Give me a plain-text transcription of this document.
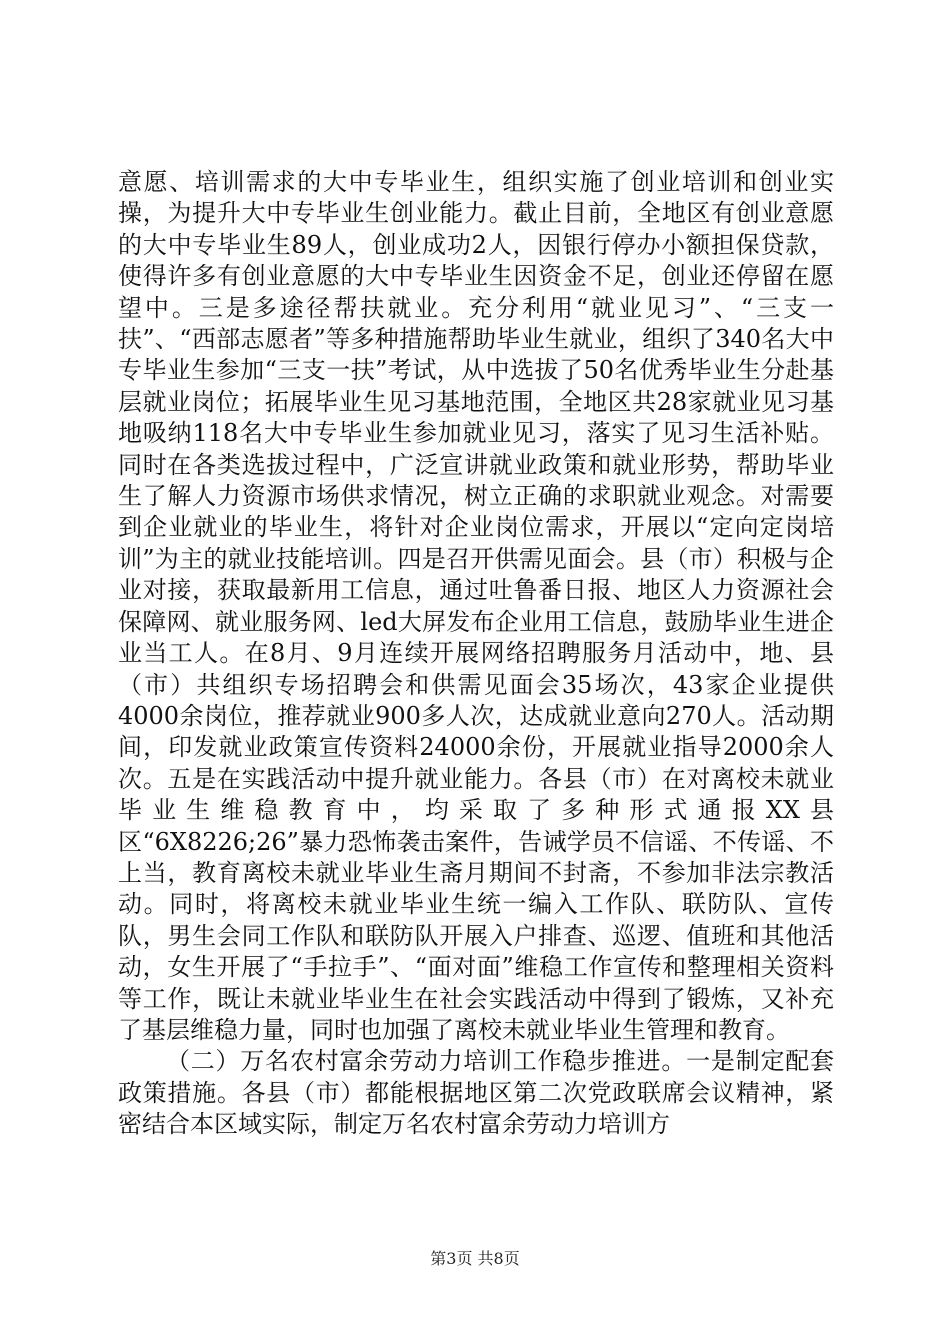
意愿、培训需求的大中专毕业生，组织实施了创业培训和创业实操，为提升大中专毕业生创业能力。截止目前，全地区有创业意愿的大中专毕业生89人，创业成功2人，因银行停办小额担保贷款，使得许多有创业意愿的大中专毕业生因资金不足，创业还停留在愿望中。三是多途径帮扶就业。充分利用“就业见习”、“三支一扶”、“西部志愿者”等多种措施帮助毕业生就业，组织了340名大中专毕业生参加“三支一扶”考试，从中选拔了50名优秀毕业生分赴基层就业岗位；拓展毕业生见习基地范围，全地区共28家就业见习基地吸纳118名大中专毕业生参加就业见习，落实了见习生活补贴。同时在各类选拔过程中，广泛宣讲就业政策和就业形势，帮助毕业生了解人力资源市场供求情况，树立正确的求职就业观念。对需要到企业就业的毕业生，将针对企业岗位需求，开展以“定向定岗培训”为主的就业技能培训。四是召开供需见面会。县（市）积极与企业对接，获取最新用工信息，通过吐鲁番日报、地区人力资源社会保障网、就业服务网、led大屏发布企业用工信息，鼓励毕业生进企业当工人。在8月、9月连续开展网络招聘服务月活动中，地、县（市）共组织专场招聘会和供需见面会35场次，43家企业提供4000余岗位，推荐就业900多人次，达成就业意向270人。活动期间，印发就业政策宣传资料24000余份，开展就业指导2000余人次。五是在实践活动中提升就业能力。各县（市）在对离校未就业毕业生维稳教育中，均采取了多种形式通报XX县区“6X8226;26”暴力恐怖袭击案件，告诫学员不信谣、不传谣、不上当，教育离校未就业毕业生斋月期间不封斋，不参加非法宗教活动。同时，将离校未就业毕业生统一编入工作队、联防队、宣传队，男生会同工作队和联防队开展入户排查、巡逻、值班和其他活动，女生开展了“手拉手”、“面对面”维稳工作宣传和整理相关资料等工作，既让未就业毕业生在社会实践活动中得到了锻炼，又补充了基层维稳力量，同时也加强了离校未就业毕业生管理和教育。

（二）万名农村富余劳动力培训工作稳步推进。一是制定配套政策措施。各县（市）都能根据地区第二次党政联席会议精神，紧密结合本区域实际，制定万名农村富余劳动力培训方

第3页 共8页
